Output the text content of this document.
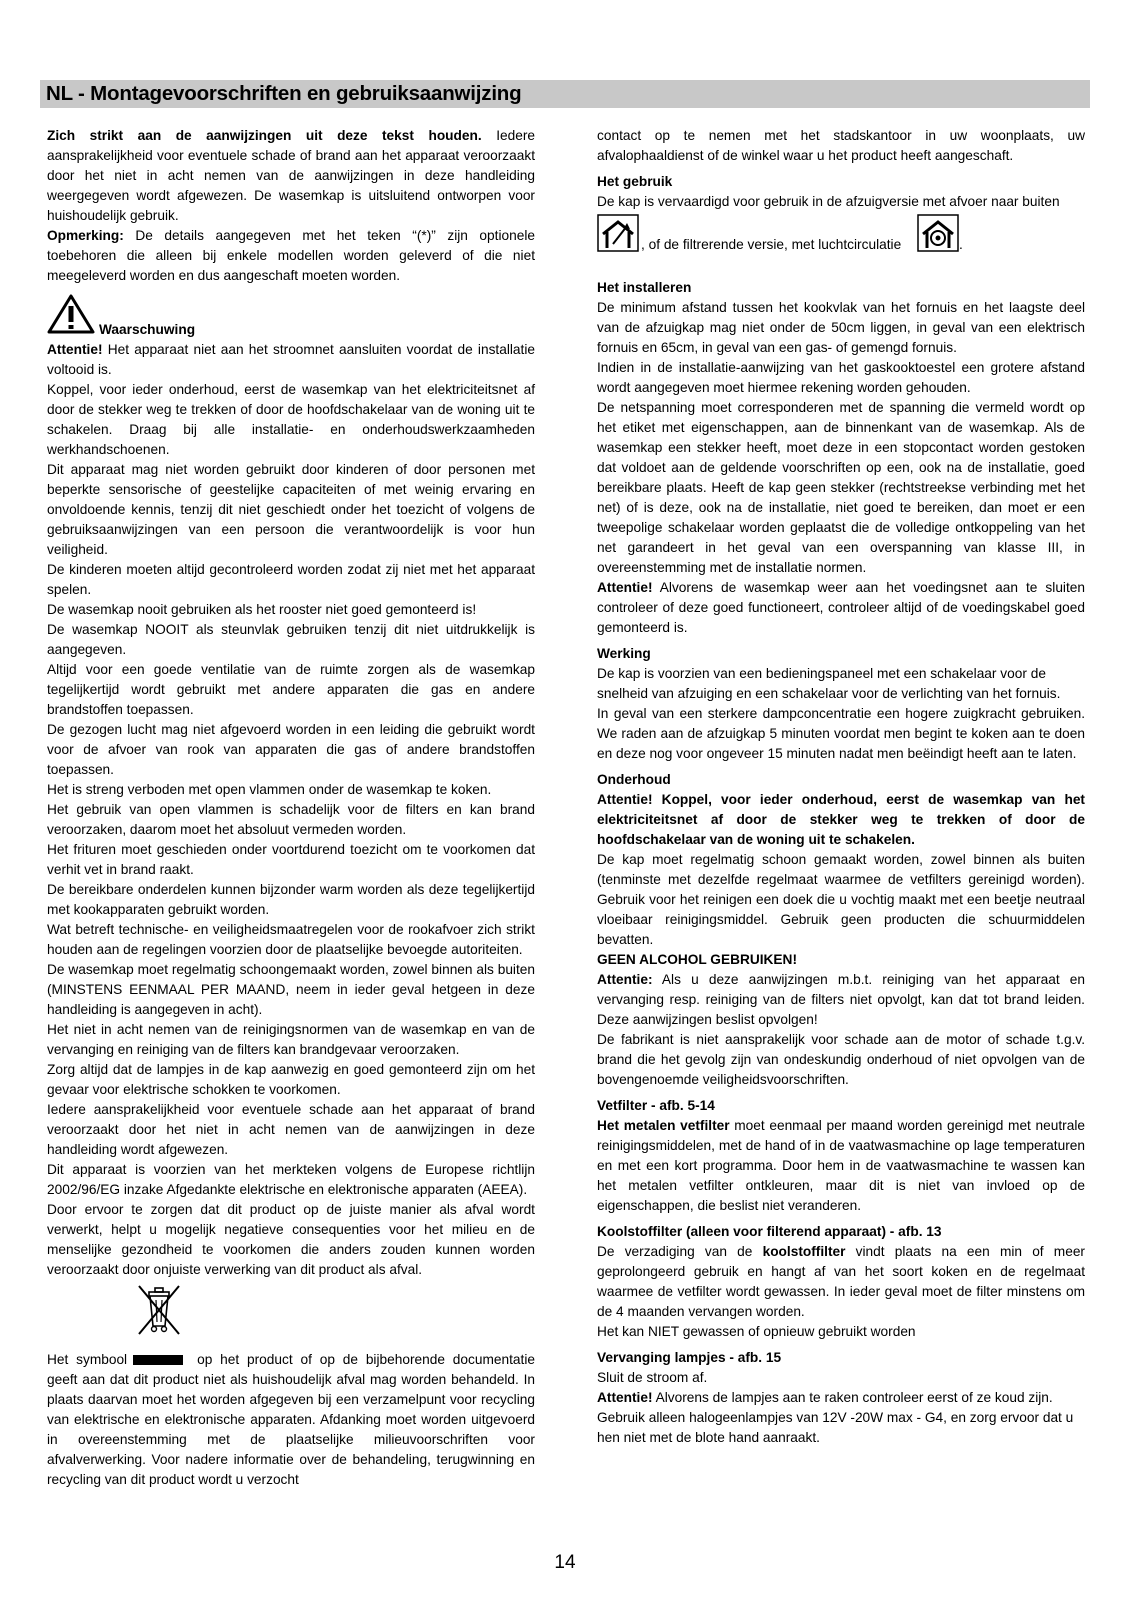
NL - Montagevoorschriften en gebruiksaanwijzing

Zich strikt aan de aanwijzingen uit deze tekst houden. Iedere aansprakelijkheid voor eventuele schade of brand aan het apparaat veroorzaakt door het niet in acht nemen van de aanwijzingen in deze handleiding weergegeven wordt afgewezen. De wasemkap is uitsluitend ontworpen voor huishoudelijk gebruik.

Opmerking: De details aangegeven met het teken “(*)” zijn optionele toebehoren die alleen bij enkele modellen worden geleverd of die niet meegeleverd worden en dus aangeschaft moeten worden.

Waarschuwing

Attentie! Het apparaat niet aan het stroomnet aansluiten voordat de installatie voltooid is.

Koppel, voor ieder onderhoud, eerst de wasemkap van het elektriciteitsnet af door de stekker weg te trekken of door de hoofdschakelaar van de woning uit te schakelen. Draag bij alle installatie- en onderhoudswerkzaamheden werkhandschoenen.

Dit apparaat mag niet worden gebruikt door kinderen of door personen met beperkte sensorische of geestelijke capaciteiten of met weinig ervaring en onvoldoende kennis, tenzij dit niet geschiedt onder het toezicht of volgens de gebruiksaanwijzingen van een persoon die verantwoordelijk is voor hun veiligheid.

De kinderen moeten altijd gecontroleerd worden zodat zij niet met het apparaat spelen.

De wasemkap nooit gebruiken als het rooster niet goed gemonteerd is!

De wasemkap NOOIT als steunvlak gebruiken tenzij dit niet uitdrukkelijk is aangegeven.

Altijd voor een goede ventilatie van de ruimte zorgen als de wasemkap tegelijkertijd wordt gebruikt met andere apparaten die gas en andere brandstoffen toepassen.

De gezogen lucht mag niet afgevoerd worden in een leiding die gebruikt wordt voor de afvoer van rook van apparaten die gas of andere brandstoffen toepassen.

Het is streng verboden met open vlammen onder de wasemkap te koken.

Het gebruik van open vlammen is schadelijk voor de filters en kan brand veroorzaken, daarom moet het absoluut vermeden worden.

Het frituren moet geschieden onder voortdurend toezicht om te voorkomen dat verhit vet in brand raakt.

De bereikbare onderdelen kunnen bijzonder warm worden als deze tegelijkertijd met kookapparaten gebruikt worden.

Wat betreft technische- en veiligheidsmaatregelen voor de rookafvoer zich strikt houden aan de regelingen voorzien door de plaatselijke bevoegde autoriteiten.

De wasemkap moet regelmatig schoongemaakt worden, zowel binnen als buiten (MINSTENS EENMAAL PER MAAND, neem in ieder geval hetgeen in deze handleiding is aangegeven in acht).

Het niet in acht nemen van de reinigingsnormen van de wasemkap en van de vervanging en reiniging van de filters kan brandgevaar veroorzaken.

Zorg altijd dat de lampjes in de kap aanwezig en goed gemonteerd zijn om het gevaar voor elektrische schokken te voorkomen.

Iedere aansprakelijkheid voor eventuele schade aan het apparaat of brand veroorzaakt door het niet in acht nemen van de aanwijzingen in deze handleiding wordt afgewezen.

Dit apparaat is voorzien van het merkteken volgens de Europese richtlijn 2002/96/EG inzake Afgedankte elektrische en elektronische apparaten (AEEA).

Door ervoor te zorgen dat dit product op de juiste manier als afval wordt verwerkt, helpt u mogelijk negatieve consequenties voor het milieu en de menselijke gezondheid te voorkomen die anders zouden kunnen worden veroorzaakt door onjuiste verwerking van dit product als afval.

Het symbool	op het product of op de bijbehorende documentatie geeft aan dat dit product niet als huishoudelijk afval mag worden behandeld. In plaats daarvan moet het worden afgegeven bij een verzamelpunt voor recycling van elektrische en elektronische apparaten. Afdanking moet worden uitgevoerd in overeenstemming met de plaatselijke milieuvoorschriften voor afvalverwerking. Voor nadere informatie over de behandeling, terugwinning en recycling van dit product wordt u verzocht

contact op te nemen met het stadskantoor in uw woonplaats, uw afvalophaaldienst of de winkel waar u het product heeft aangeschaft.

Het gebruik

De kap is vervaardigd voor gebruik in de afzuigversie met afvoer naar buiten

, of de filtrerende versie, met luchtcirculatie	.

Het installeren

De minimum afstand tussen het kookvlak van het fornuis en het laagste deel van de afzuigkap mag niet onder de 50cm liggen, in geval van een elektrisch fornuis en 65cm, in geval van een gas- of gemengd fornuis.

Indien in de installatie-aanwijzing van het gaskooktoestel een grotere afstand wordt aangegeven moet hiermee rekening worden gehouden.

De netspanning moet corresponderen met de spanning die vermeld wordt op het etiket met eigenschappen, aan de binnenkant van de wasemkap. Als de wasemkap een stekker heeft, moet deze in een stopcontact worden gestoken dat voldoet aan de geldende voorschriften op een, ook na de installatie, goed bereikbare plaats. Heeft de kap geen stekker (rechtstreekse verbinding met het net) of is deze, ook na de installatie, niet goed te bereiken, dan moet er een tweepolige schakelaar worden geplaatst die de volledige ontkoppeling van het net garandeert in het geval van een overspanning van klasse III, in overeenstemming met de installatie normen.

Attentie! Alvorens de wasemkap weer aan het voedingsnet aan te sluiten controleer of deze goed functioneert, controleer altijd of de voedingskabel goed gemonteerd is.

Werking

De kap is voorzien van een bedieningspaneel met een schakelaar voor de snelheid van afzuiging en een schakelaar voor de verlichting van het fornuis.

In geval van een sterkere dampconcentratie een hogere zuigkracht gebruiken. We raden aan de afzuigkap 5 minuten voordat men begint te koken aan te doen en deze nog voor ongeveer 15 minuten nadat men beëindigt heeft aan te laten.

Onderhoud

Attentie! Koppel, voor ieder onderhoud, eerst de wasemkap van het elektriciteitsnet af door de stekker weg te trekken of door de hoofdschakelaar van de woning uit te schakelen.

De kap moet regelmatig schoon gemaakt worden, zowel binnen als buiten (tenminste met dezelfde regelmaat waarmee de vetfilters gereinigd worden). Gebruik voor het reinigen een doek die u vochtig maakt met een beetje neutraal vloeibaar reinigingsmiddel. Gebruik geen producten die schuurmiddelen bevatten.

GEEN ALCOHOL GEBRUIKEN!

Attentie: Als u deze aanwijzingen m.b.t. reiniging van het apparaat en vervanging resp. reiniging van de filters niet opvolgt, kan dat tot brand leiden. Deze aanwijzingen beslist opvolgen!

De fabrikant is niet aansprakelijk voor schade aan de motor of schade t.g.v. brand die het gevolg zijn van ondeskundig onderhoud of niet opvolgen van de bovengenoemde veiligheidsvoorschriften.

Vetfilter - afb. 5-14

Het metalen vetfilter moet eenmaal per maand worden gereinigd met neutrale reinigingsmiddelen, met de hand of in de vaatwasmachine op lage temperaturen en met een kort programma. Door hem in de vaatwasmachine te wassen kan het metalen vetfilter ontkleuren, maar dit is niet van invloed op de eigenschappen, die beslist niet veranderen.

Koolstoffilter (alleen voor filterend apparaat) - afb. 13

De verzadiging van de koolstoffilter vindt plaats na een min of meer geprolongeerd gebruik en hangt af van het soort koken en de regelmaat waarmee de vetfilter wordt gewassen. In ieder geval moet de filter minstens om de 4 maanden vervangen worden.

Het kan NIET gewassen of opnieuw gebruikt worden

Vervanging lampjes - afb. 15

Sluit de stroom af.

Attentie! Alvorens de lampjes aan te raken controleer eerst of ze koud zijn.

Gebruik alleen halogeenlampjes van 12V -20W max - G4, en zorg ervoor dat u hen niet met de blote hand aanraakt.

14
